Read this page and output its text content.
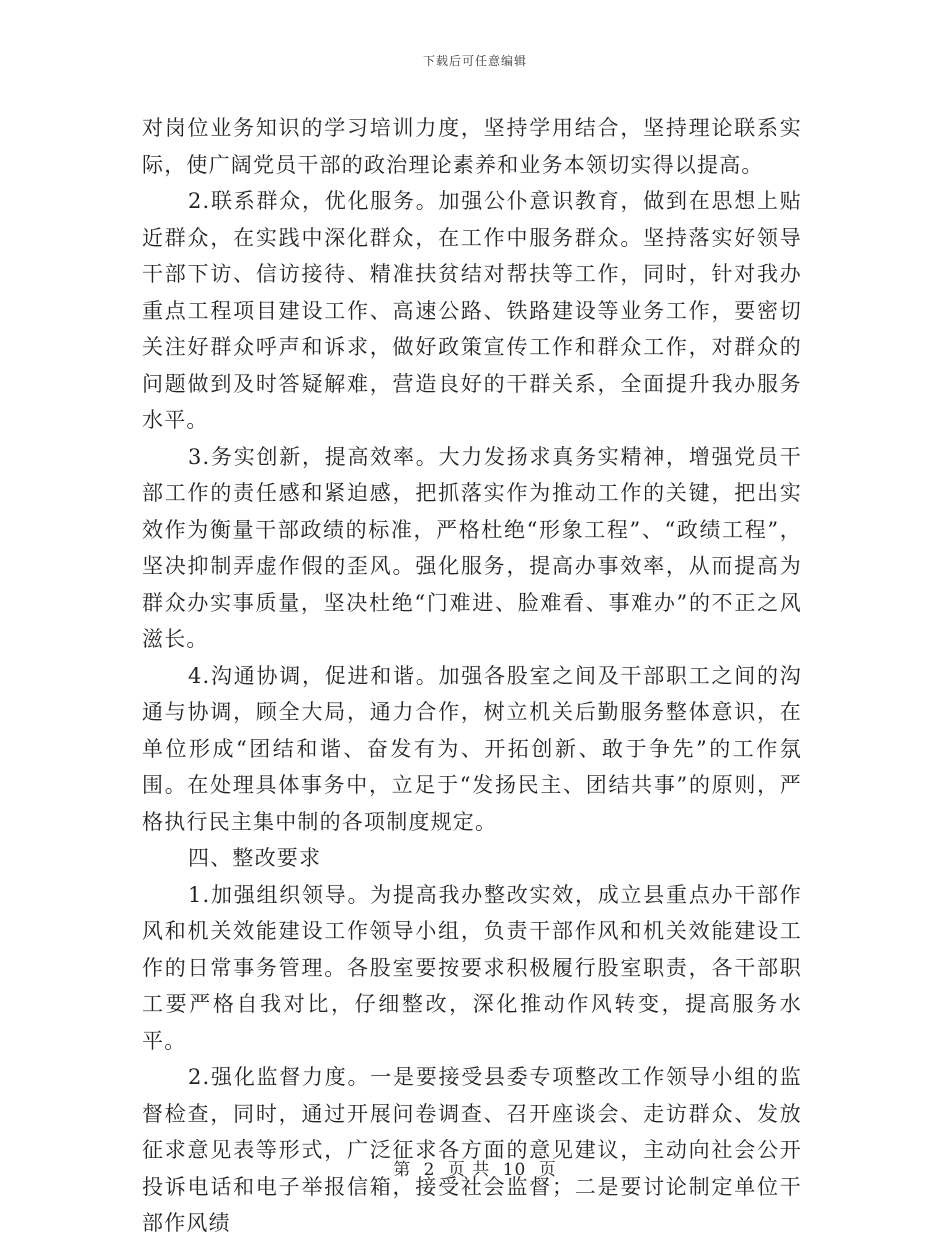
下载后可任意编辑

对岗位业务知识的学习培训力度，坚持学用结合，坚持理论联系实际，使广阔党员干部的政治理论素养和业务本领切实得以提高。

2.联系群众，优化服务。加强公仆意识教育，做到在思想上贴近群众，在实践中深化群众，在工作中服务群众。坚持落实好领导干部下访、信访接待、精准扶贫结对帮扶等工作，同时，针对我办重点工程项目建设工作、高速公路、铁路建设等业务工作，要密切关注好群众呼声和诉求，做好政策宣传工作和群众工作，对群众的问题做到及时答疑解难，营造良好的干群关系，全面提升我办服务水平。

3.务实创新，提高效率。大力发扬求真务实精神，增强党员干部工作的责任感和紧迫感，把抓落实作为推动工作的关键，把出实效作为衡量干部政绩的标准，严格杜绝“形象工程”、“政绩工程”，坚决抑制弄虚作假的歪风。强化服务，提高办事效率，从而提高为群众办实事质量，坚决杜绝“门难进、脸难看、事难办”的不正之风滋长。

4.沟通协调，促进和谐。加强各股室之间及干部职工之间的沟通与协调，顾全大局，通力合作，树立机关后勤服务整体意识，在单位形成“团结和谐、奋发有为、开拓创新、敢于争先”的工作氛围。在处理具体事务中，立足于“发扬民主、团结共事”的原则，严格执行民主集中制的各项制度规定。

四、整改要求

1.加强组织领导。为提高我办整改实效，成立县重点办干部作风和机关效能建设工作领导小组，负责干部作风和机关效能建设工作的日常事务管理。各股室要按要求积极履行股室职责，各干部职工要严格自我对比，仔细整改，深化推动作风转变，提高服务水平。

2.强化监督力度。一是要接受县委专项整改工作领导小组的监督检查，同时，通过开展问卷调查、召开座谈会、走访群众、发放征求意见表等形式，广泛征求各方面的意见建议，主动向社会公开投诉电话和电子举报信箱，接受社会监督；二是要讨论制定单位干部作风绩

第 2 页 共 10 页
